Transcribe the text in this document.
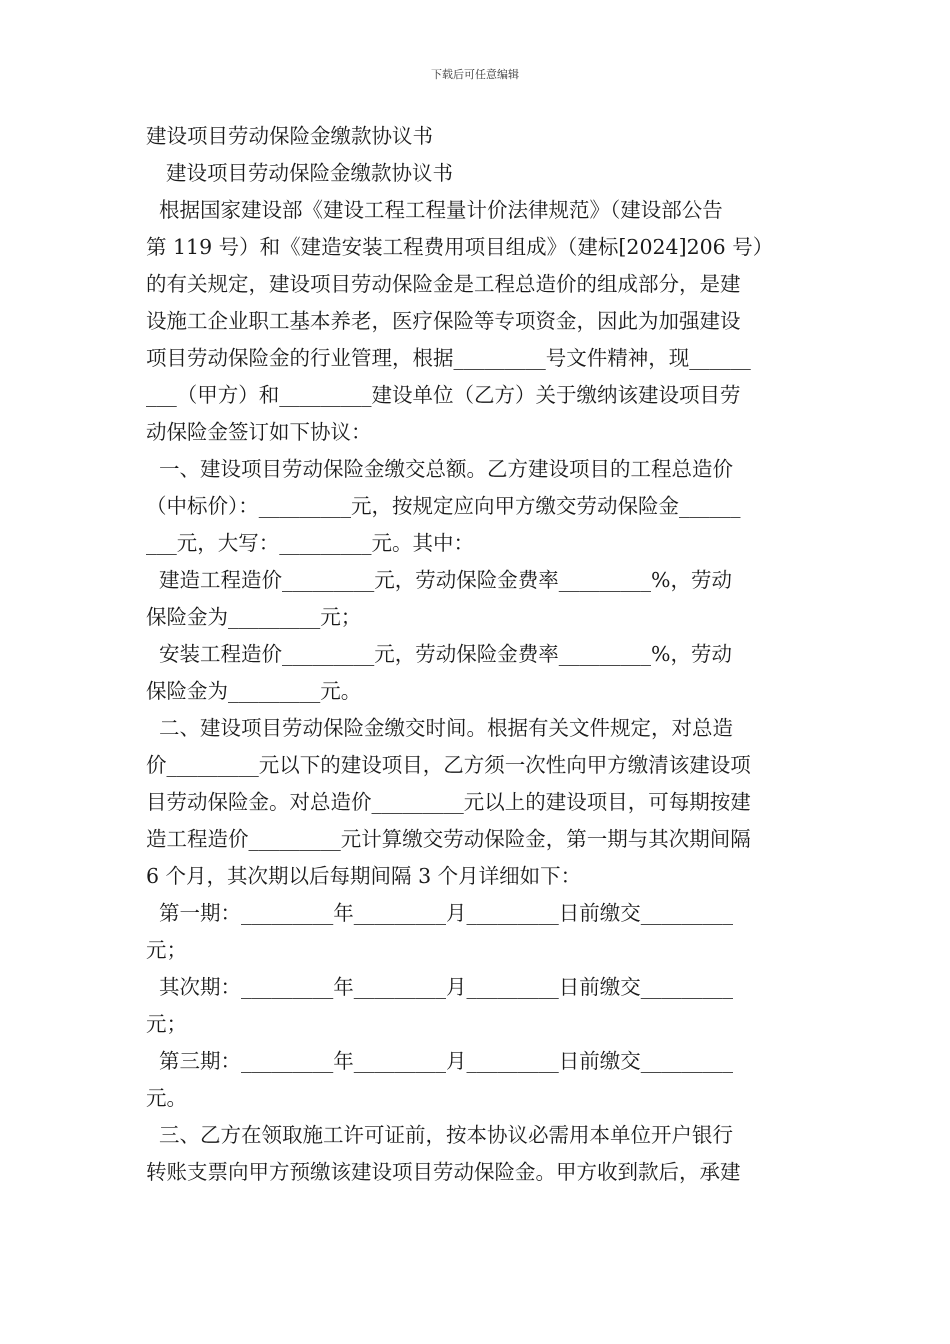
下载后可任意编辑
建设项目劳动保险金缴款协议书
建设项目劳动保险金缴款协议书
根据国家建设部《建设工程工程量计价法律规范》（建设部公告
第 119 号）和《建造安装工程费用项目组成》（建标[2024]206 号）
的有关规定，建设项目劳动保险金是工程总造价的组成部分，是建
设施工企业职工基本养老，医疗保险等专项资金，因此为加强建设
项目劳动保险金的行业管理，根据_________号文件精神，现______
___（甲方）和_________建设单位（乙方）关于缴纳该建设项目劳
动保险金签订如下协议：
一、建设项目劳动保险金缴交总额。乙方建设项目的工程总造价
（中标价）：_________元，按规定应向甲方缴交劳动保险金______
___元，大写：_________元。其中：
建造工程造价_________元，劳动保险金费率_________%，劳动
保险金为_________元；
安装工程造价_________元，劳动保险金费率_________%，劳动
保险金为_________元。
二、建设项目劳动保险金缴交时间。根据有关文件规定，对总造
价_________元以下的建设项目，乙方须一次性向甲方缴清该建设项
目劳动保险金。对总造价_________元以上的建设项目，可每期按建
造工程造价_________元计算缴交劳动保险金，第一期与其次期间隔
6 个月，其次期以后每期间隔 3 个月详细如下：
第一期：_________年_________月_________日前缴交_________
元；
其次期：_________年_________月_________日前缴交_________
元；
第三期：_________年_________月_________日前缴交_________
元。
三、乙方在领取施工许可证前，按本协议必需用本单位开户银行
转账支票向甲方预缴该建设项目劳动保险金。甲方收到款后，承建
